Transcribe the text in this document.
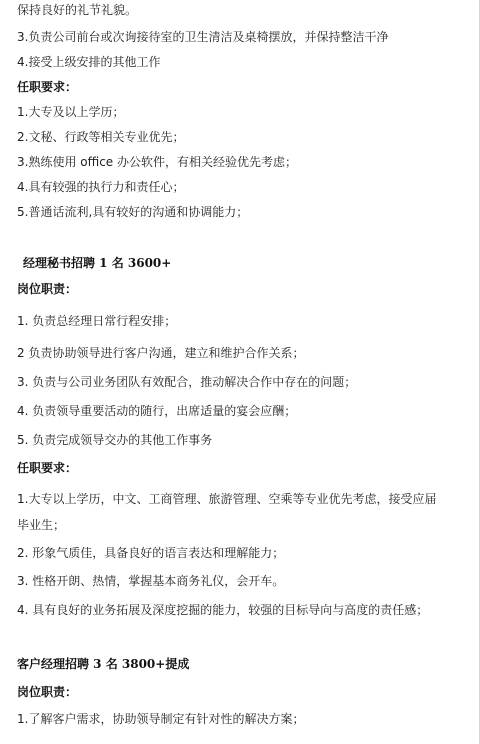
保持良好的礼节礼貌。
3.负责公司前台或次询接待室的卫生清洁及桌椅摆放，并保持整洁干净
4.接受上级安排的其他工作
任职要求：
1.大专及以上学历；
2.文秘、行政等相关专业优先；
3.熟练使用 office 办公软件，有相关经验优先考虑；
4.具有较强的执行力和责任心；
5.普通话流利,具有较好的沟通和协调能力；
经理秘书招聘 1 名 3600+
岗位职责：
1. 负责总经理日常行程安排；
2 负责协助领导进行客户沟通，建立和维护合作关系；
3. 负责与公司业务团队有效配合，推动解决合作中存在的问题；
4. 负责领导重要活动的随行，出席适量的宴会应酬；
5. 负责完成领导交办的其他工作事务
任职要求：
1.大专以上学历，中文、工商管理、旅游管理、空乘等专业优先考虑，接受应届
毕业生；
2. 形象气质佳，具备良好的语言表达和理解能力；
3. 性格开朗、热情，掌握基本商务礼仪，会开车。
4. 具有良好的业务拓展及深度挖掘的能力，较强的目标导向与高度的责任感；
客户经理招聘 3 名 3800+提成
岗位职责：
1.了解客户需求，协助领导制定有针对性的解决方案；
